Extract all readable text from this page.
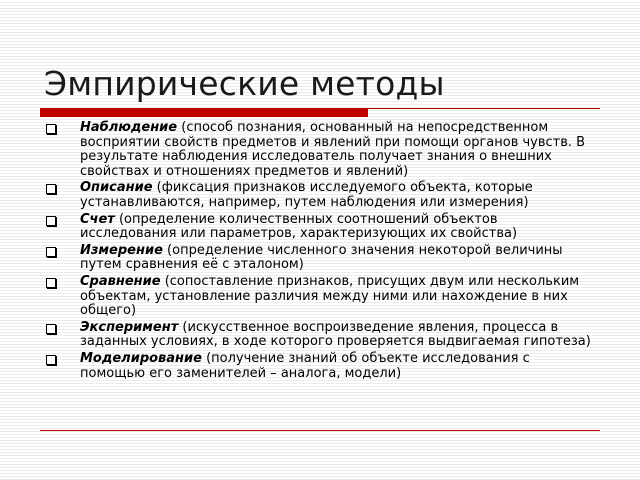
Эмпирические методы
Наблюдение (способ познания, основанный на непосредственном восприятии свойств предметов и явлений при помощи органов чувств. В результате наблюдения исследователь получает знания о внешних свойствах и отношениях предметов и явлений)
Описание (фиксация признаков исследуемого объекта, которые устанавливаются, например, путем наблюдения или измерения)
Счет (определение количественных соотношений объектов исследования или параметров, характеризующих их свойства)
Измерение (определение численного значения некоторой величины путем сравнения её с эталоном)
Сравнение (сопоставление признаков, присущих двум или нескольким объектам, установление различия между ними или нахождение в них общего)
Эксперимент (искусственное воспроизведение явления, процесса в заданных условиях, в ходе которого проверяется выдвигаемая гипотеза)
Моделирование (получение знаний об объекте исследования с помощью его заменителей – аналога, модели)
